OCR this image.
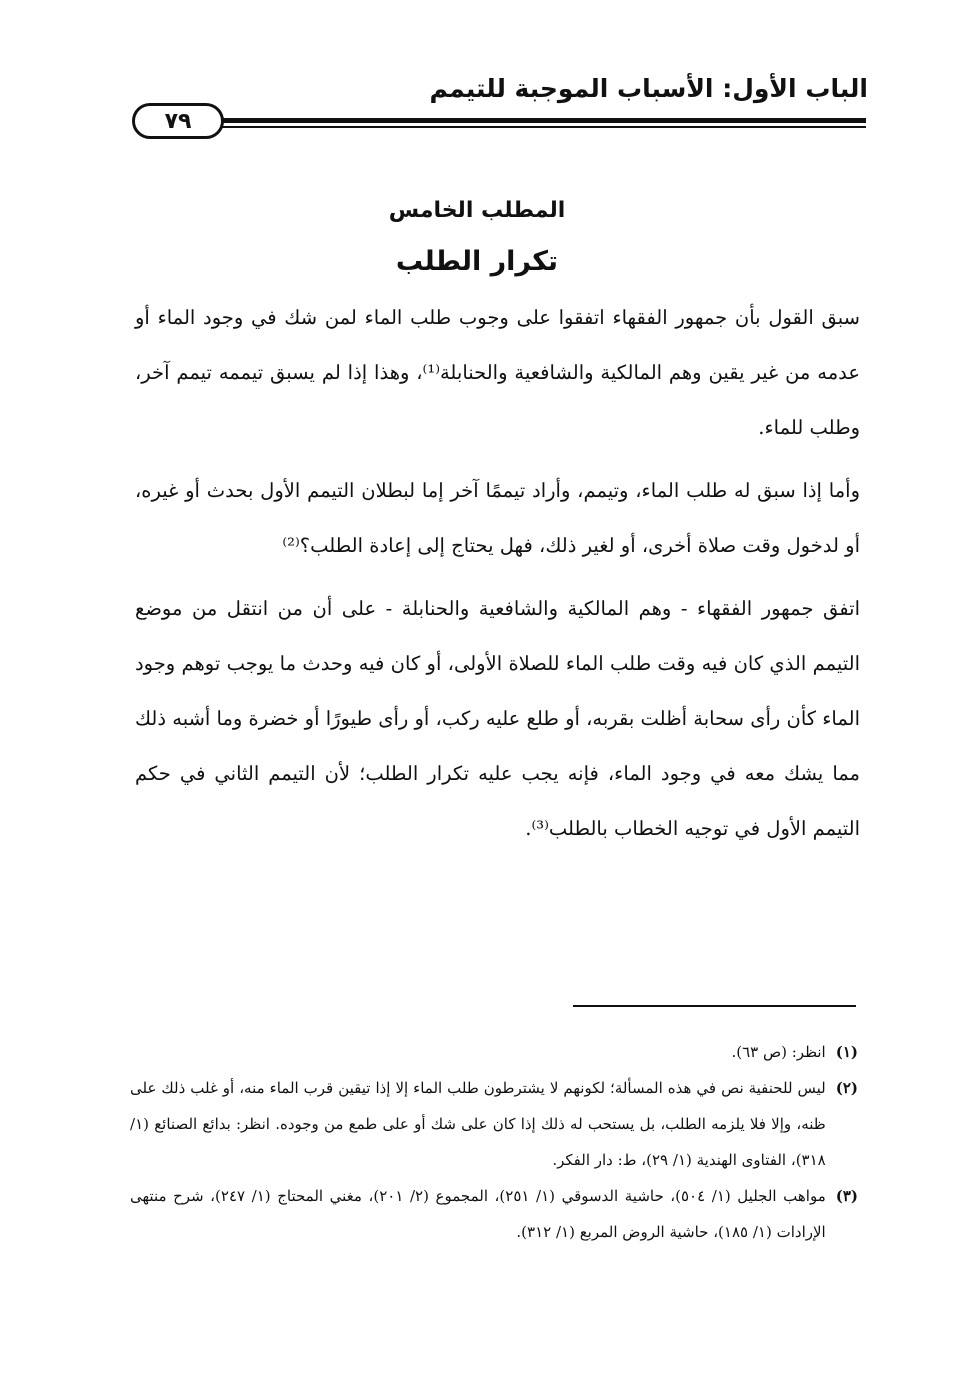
الباب الأول: الأسباب الموجبة للتيمم
٧٩
المطلب الخامس
تكرار الطلب

سبق القول بأن جمهور الفقهاء اتفقوا على وجوب طلب الماء لمن شك في وجود الماء أو عدمه من غير يقين وهم المالكية والشافعية والحنابلة⁽¹⁾، وهذا إذا لم يسبق تيممه تيمم آخر، وطلب للماء.

وأما إذا سبق له طلب الماء، وتيمم، وأراد تيممًا آخر إما لبطلان التيمم الأول بحدث أو غيره، أو لدخول وقت صلاة أخرى، أو لغير ذلك، فهل يحتاج إلى إعادة الطلب؟⁽²⁾

اتفق جمهور الفقهاء - وهم المالكية والشافعية والحنابلة - على أن من انتقل من موضع التيمم الذي كان فيه وقت طلب الماء للصلاة الأولى، أو كان فيه وحدث ما يوجب توهم وجود الماء كأن رأى سحابة أظلت بقربه، أو طلع عليه ركب، أو رأى طيورًا أو خضرة وما أشبه ذلك مما يشك معه في وجود الماء، فإنه يجب عليه تكرار الطلب؛ لأن التيمم الثاني في حكم التيمم الأول في توجيه الخطاب بالطلب⁽³⁾.

(١)
انظر: (ص ٦٣).
(٢)
ليس للحنفية نص في هذه المسألة؛ لكونهم لا يشترطون طلب الماء إلا إذا تيقين قرب الماء منه، أو غلب ذلك على ظنه، وإلا فلا يلزمه الطلب، بل يستحب له ذلك إذا كان على شك أو على طمع من وجوده. انظر: بدائع الصنائع (١/ ٣١٨)، الفتاوى الهندية (١/ ٢٩)، ط: دار الفكر.
(٣)
مواهب الجليل (١/ ٥٠٤)، حاشية الدسوقي (١/ ٢٥١)، المجموع (٢/ ٢٠١)، مغني المحتاج (١/ ٢٤٧)، شرح منتهى الإرادات (١/ ١٨٥)، حاشية الروض المربع (١/ ٣١٢).
